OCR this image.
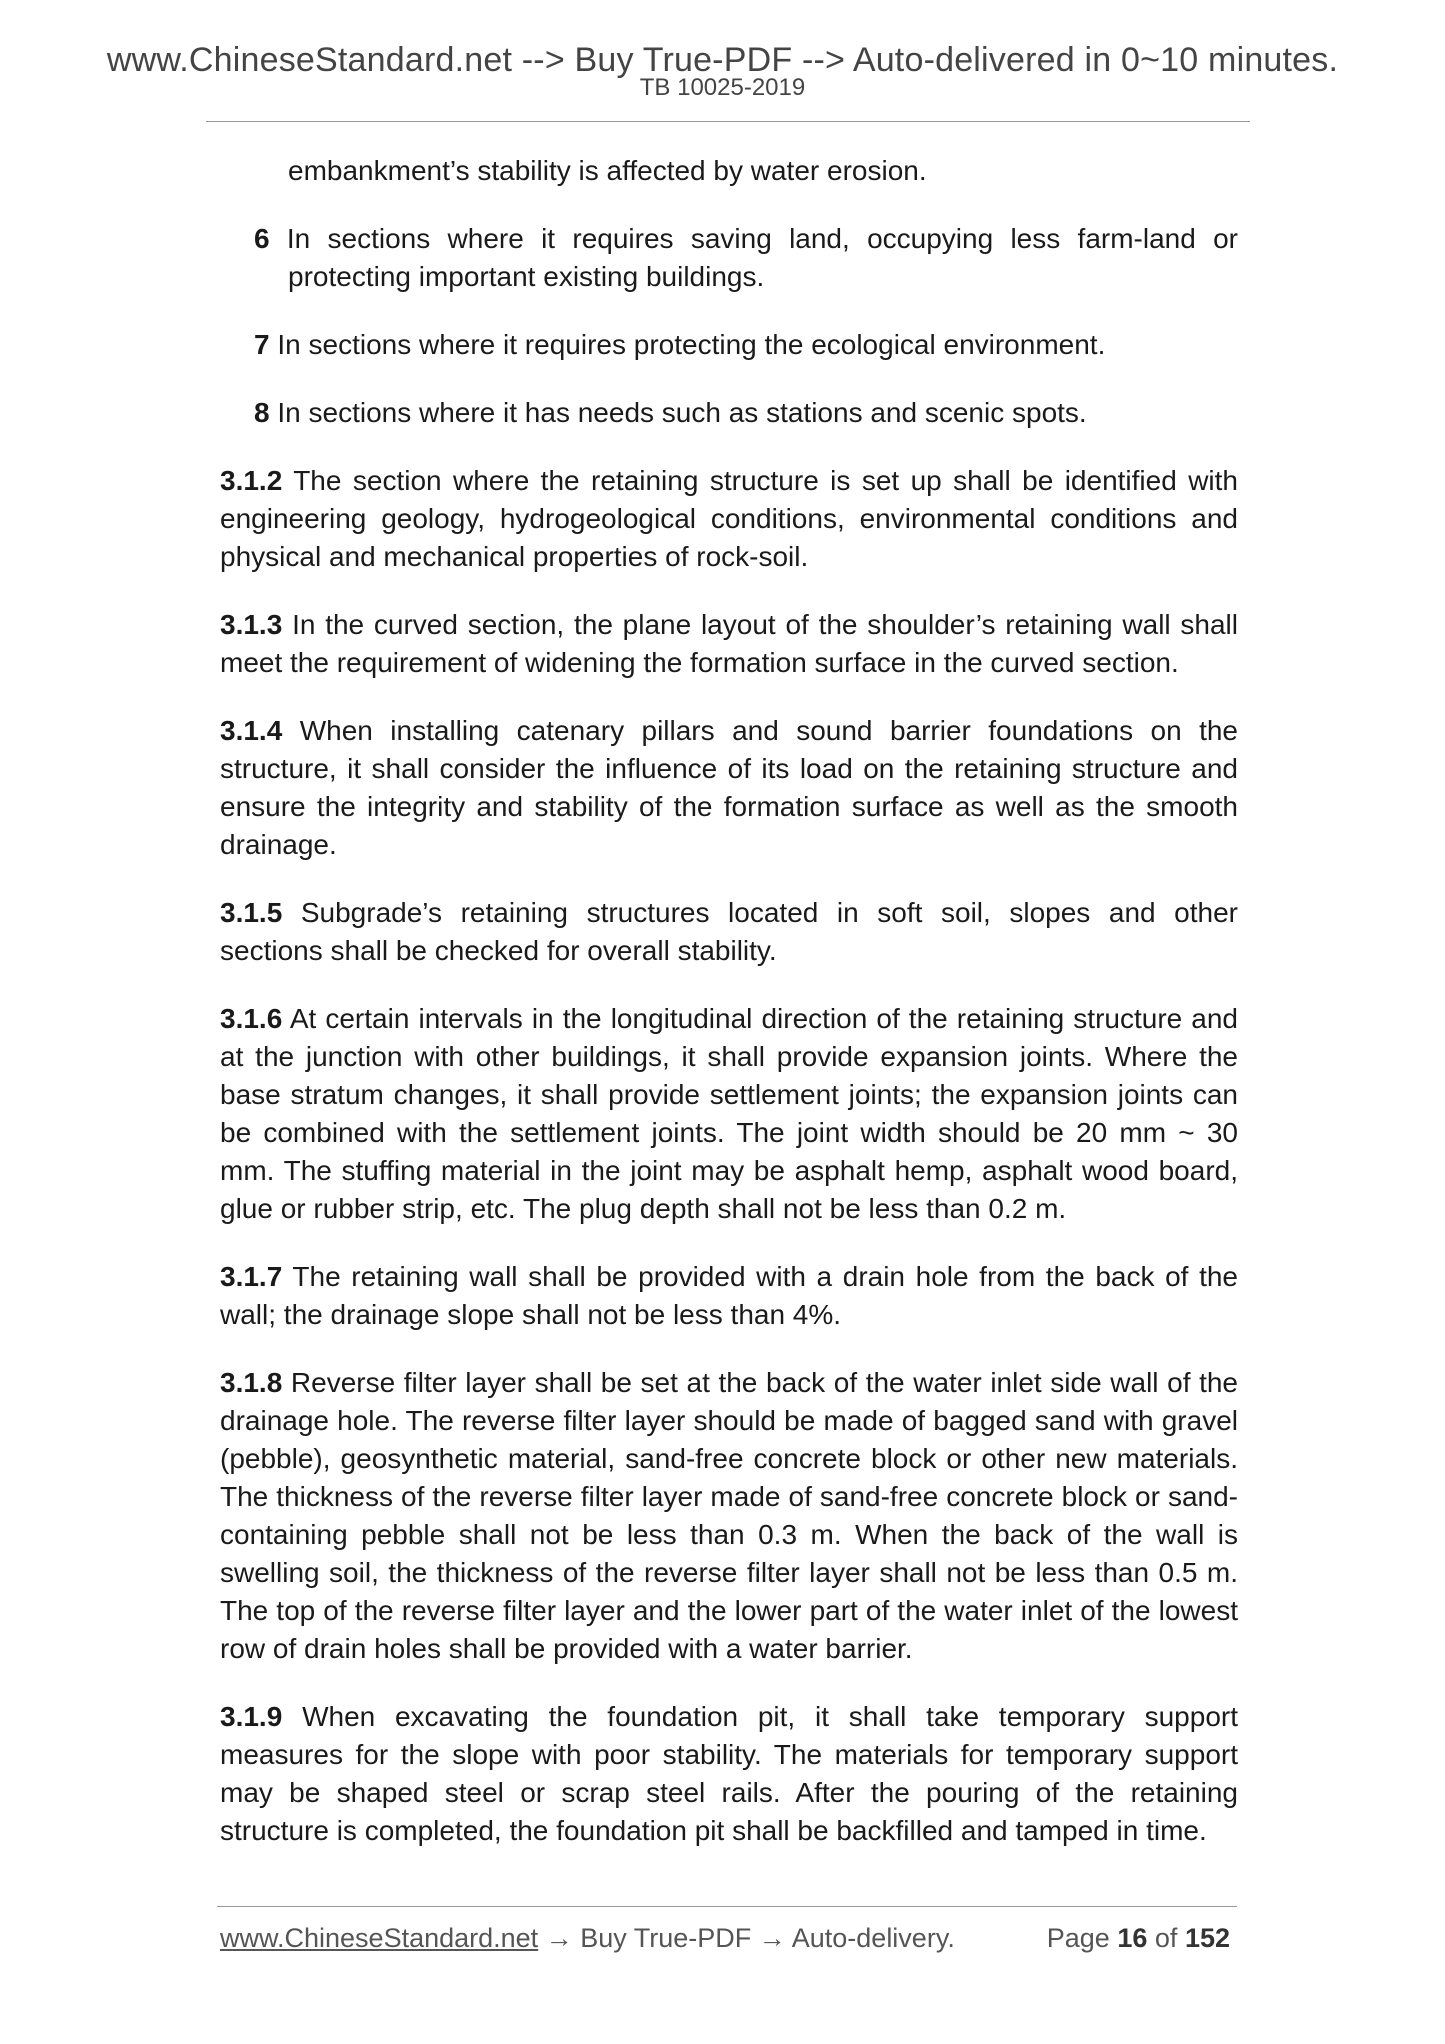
www.ChineseStandard.net --> Buy True-PDF --> Auto-delivered in 0~10 minutes.
TB 10025-2019

embankment’s stability is affected by water erosion.

6 In sections where it requires saving land, occupying less farm-land or protecting important existing buildings.

7 In sections where it requires protecting the ecological environment.

8 In sections where it has needs such as stations and scenic spots.

3.1.2 The section where the retaining structure is set up shall be identified with engineering geology, hydrogeological conditions, environmental conditions and physical and mechanical properties of rock-soil.

3.1.3 In the curved section, the plane layout of the shoulder’s retaining wall shall meet the requirement of widening the formation surface in the curved section.

3.1.4 When installing catenary pillars and sound barrier foundations on the structure, it shall consider the influence of its load on the retaining structure and ensure the integrity and stability of the formation surface as well as the smooth drainage.

3.1.5 Subgrade’s retaining structures located in soft soil, slopes and other sections shall be checked for overall stability.

3.1.6 At certain intervals in the longitudinal direction of the retaining structure and at the junction with other buildings, it shall provide expansion joints. Where the base stratum changes, it shall provide settlement joints; the expansion joints can be combined with the settlement joints. The joint width should be 20 mm ~ 30 mm. The stuffing material in the joint may be asphalt hemp, asphalt wood board, glue or rubber strip, etc. The plug depth shall not be less than 0.2 m.

3.1.7 The retaining wall shall be provided with a drain hole from the back of the wall; the drainage slope shall not be less than 4%.

3.1.8 Reverse filter layer shall be set at the back of the water inlet side wall of the drainage hole. The reverse filter layer should be made of bagged sand with gravel (pebble), geosynthetic material, sand-free concrete block or other new materials. The thickness of the reverse filter layer made of sand-free concrete block or sand-containing pebble shall not be less than 0.3 m. When the back of the wall is swelling soil, the thickness of the reverse filter layer shall not be less than 0.5 m. The top of the reverse filter layer and the lower part of the water inlet of the lowest row of drain holes shall be provided with a water barrier.

3.1.9 When excavating the foundation pit, it shall take temporary support measures for the slope with poor stability. The materials for temporary support may be shaped steel or scrap steel rails. After the pouring of the retaining structure is completed, the foundation pit shall be backfilled and tamped in time.

www.ChineseStandard.net → Buy True-PDF → Auto-delivery.	Page 16 of 152
